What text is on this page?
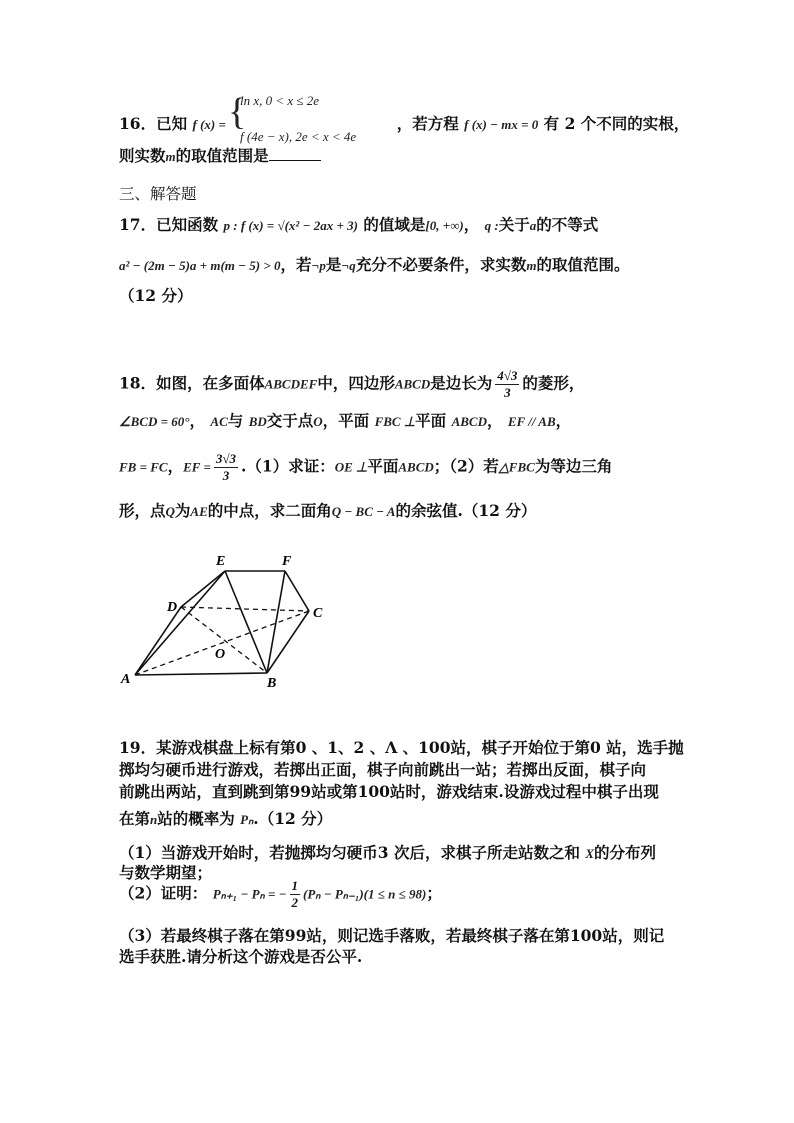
16．已知 f (x) =	，若方程 f (x) − mx = 0 有 2 个不同的实根，
{
ln x, 0 < x ≤ 2e
f (4e − x), 2e < x < 4e
则实数m的取值范围是
三、解答题
17．已知函数 p : f (x) = √(x² − 2ax + 3) 的值域是[0, +∞)， q :关于a的不等式
a² − (2m − 5)a + m(m − 5) > 0，若¬p是¬q充分不必要条件，求实数m的取值范围。
（12 分）
18．如图，在多面体ABCDEF中，四边形ABCD是边长为 $\frac{4√3}{3}$ 的菱形，
∠BCD = 60°， AC与 BD交于点O，平面 FBC ⊥平面 ABCD， EF // AB，
FB = FC，EF = $\frac{3√3}{3} .(1)$求证：OE ⊥平面ABCD；（2）若△FBC为等边三角
形，点Q为AE的中点，求二面角Q − BC − A的余弦值.（12 分）
E	F
D	C
O
A	B
19．某游戏棋盘上标有第0 、1、2 、Λ 、100站，棋子开始位于第0 站，选手抛
掷均匀硬币进行游戏，若掷出正面，棋子向前跳出一站；若掷出反面，棋子向
前跳出两站，直到跳到第99站或第100站时，游戏结束.设游戏过程中棋子出现
在第n站的概率为 Pₙ.（12 分）
（1）当游戏开始时，若抛掷均匀硬币3 次后，求棋子所走站数之和 X的分布列
与数学期望；
（2）证明： Pₙ₊₁ − Pₙ = − $\frac{1}{2} (P_n - P_{n-1})(1 \le n \le 98)$；
（3）若最终棋子落在第99站，则记选手落败，若最终棋子落在第100站，则记
选手获胜.请分析这个游戏是否公平.
